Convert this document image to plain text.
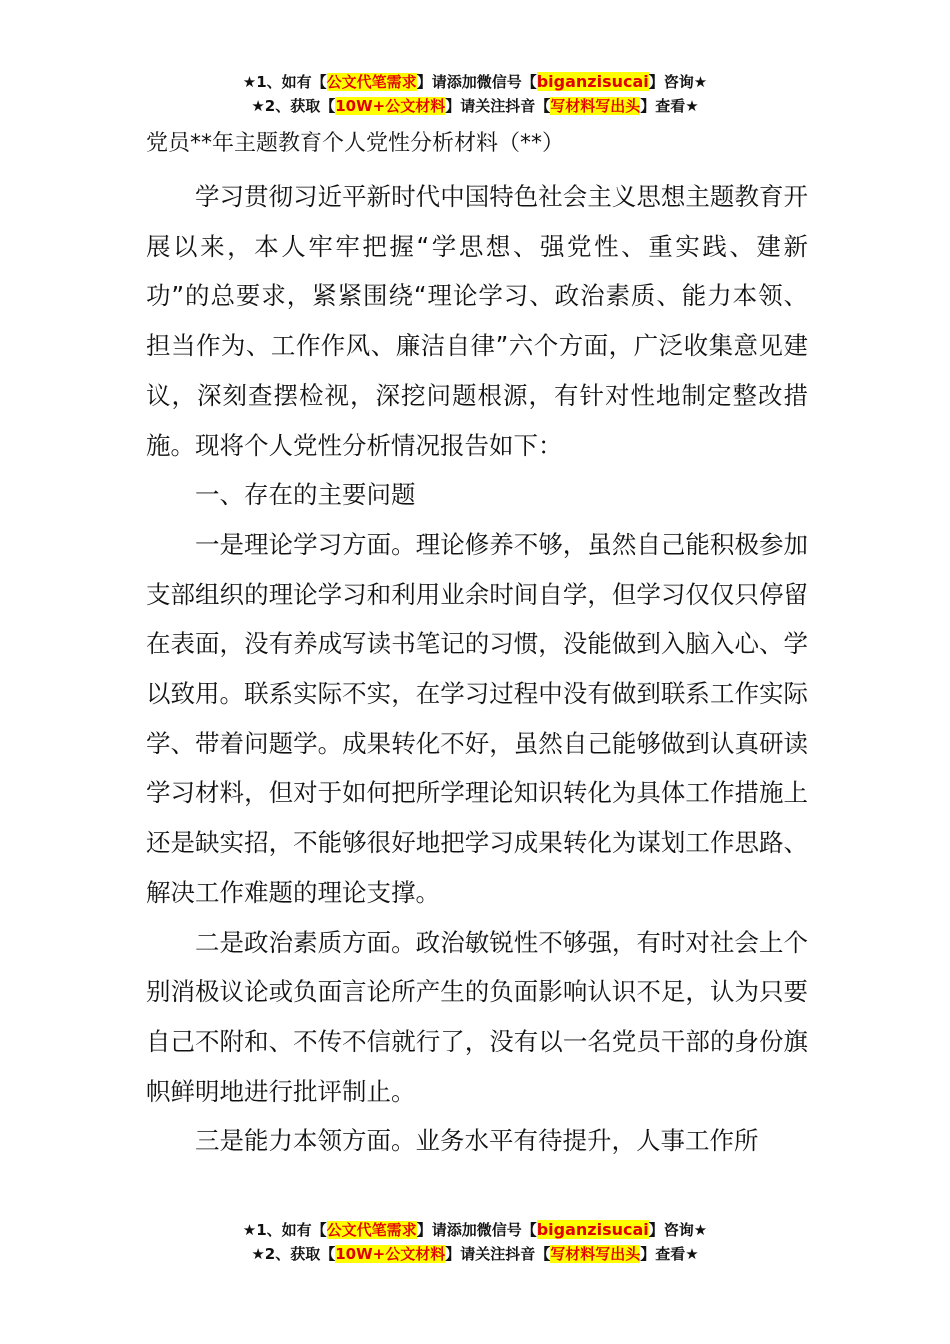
★1、如有【公文代笔需求】请添加微信号【biganzisucai】咨询★
★2、获取【10W+公文材料】请关注抖音【写材料写出头】查看★
党员**年主题教育个人党性分析材料（**）

学习贯彻习近平新时代中国特色社会主义思想主题教育开展以来，本人牢牢把握“学思想、强党性、重实践、建新功”的总要求，紧紧围绕“理论学习、政治素质、能力本领、担当作为、工作作风、廉洁自律”六个方面，广泛收集意见建议，深刻查摆检视，深挖问题根源，有针对性地制定整改措施。现将个人党性分析情况报告如下：

一、存在的主要问题

一是理论学习方面。理论修养不够，虽然自己能积极参加支部组织的理论学习和利用业余时间自学，但学习仅仅只停留在表面，没有养成写读书笔记的习惯，没能做到入脑入心、学以致用。联系实际不实，在学习过程中没有做到联系工作实际学、带着问题学。成果转化不好，虽然自己能够做到认真研读学习材料，但对于如何把所学理论知识转化为具体工作措施上还是缺实招，不能够很好地把学习成果转化为谋划工作思路、解决工作难题的理论支撑。

二是政治素质方面。政治敏锐性不够强，有时对社会上个别消极议论或负面言论所产生的负面影响认识不足，认为只要自己不附和、不传不信就行了，没有以一名党员干部的身份旗帜鲜明地进行批评制止。

三是能力本领方面。业务水平有待提升，人事工作所

★1、如有【公文代笔需求】请添加微信号【biganzisucai】咨询★
★2、获取【10W+公文材料】请关注抖音【写材料写出头】查看★
